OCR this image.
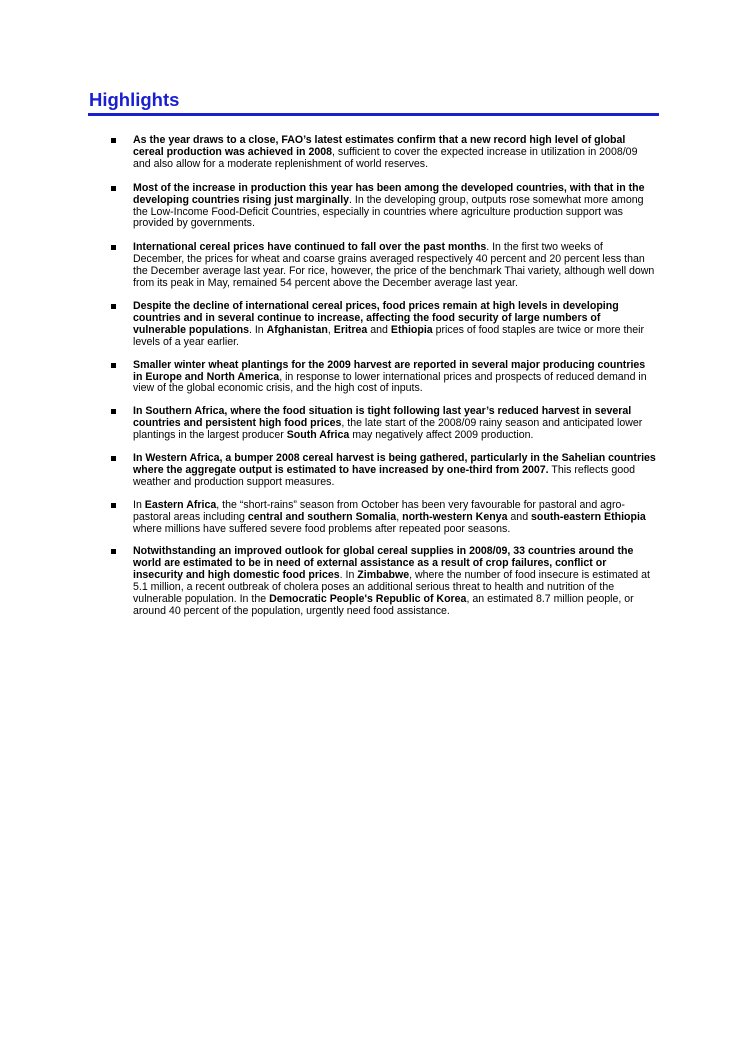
Highlights
As the year draws to a close, FAO’s latest estimates confirm that a new record high level of global cereal production was achieved in 2008, sufficient to cover the expected increase in utilization in 2008/09 and also allow for a moderate replenishment of world reserves.
Most of the increase in production this year has been among the developed countries, with that in the developing countries rising just marginally. In the developing group, outputs rose somewhat more among the Low-Income Food-Deficit Countries, especially in countries where agriculture production support was provided by governments.
International cereal prices have continued to fall over the past months. In the first two weeks of December, the prices for wheat and coarse grains averaged respectively 40 percent and 20 percent less than the December average last year. For rice, however, the price of the benchmark Thai variety, although well down from its peak in May, remained 54 percent above the December average last year.
Despite the decline of international cereal prices, food prices remain at high levels in developing countries and in several continue to increase, affecting the food security of large numbers of vulnerable populations. In Afghanistan, Eritrea and Ethiopia prices of food staples are twice or more their levels of a year earlier.
Smaller winter wheat plantings for the 2009 harvest are reported in several major producing countries in Europe and North America, in response to lower international prices and prospects of reduced demand in view of the global economic crisis, and the high cost of inputs.
In Southern Africa, where the food situation is tight following last year’s reduced harvest in several countries and persistent high food prices, the late start of the 2008/09 rainy season and anticipated lower plantings in the largest producer South Africa may negatively affect 2009 production.
In Western Africa, a bumper 2008 cereal harvest is being gathered, particularly in the Sahelian countries where the aggregate output is estimated to have increased by one-third from 2007. This reflects good weather and production support measures.
In Eastern Africa, the “short-rains” season from October has been very favourable for pastoral and agro-pastoral areas including central and southern Somalia, north-western Kenya and south-eastern Ethiopia where millions have suffered severe food problems after repeated poor seasons.
Notwithstanding an improved outlook for global cereal supplies in 2008/09, 33 countries around the world are estimated to be in need of external assistance as a result of crop failures, conflict or insecurity and high domestic food prices. In Zimbabwe, where the number of food insecure is estimated at 5.1 million, a recent outbreak of cholera poses an additional serious threat to health and nutrition of the vulnerable population. In the Democratic People's Republic of Korea, an estimated 8.7 million people, or around 40 percent of the population, urgently need food assistance.
